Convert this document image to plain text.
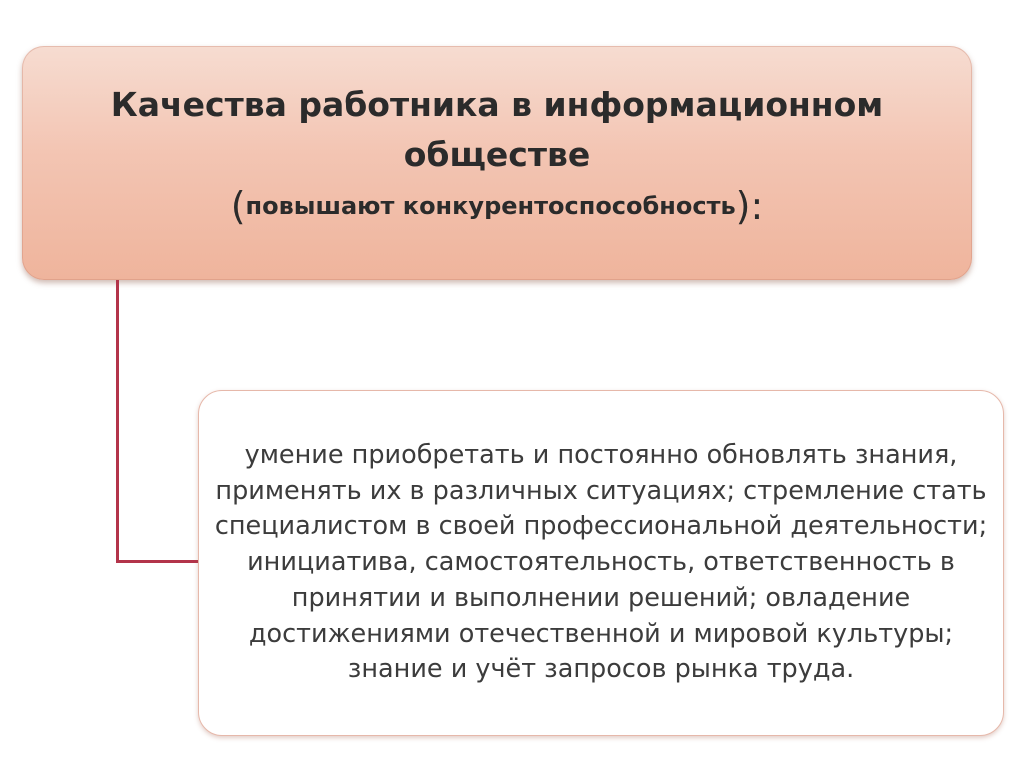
Качества работника в информационном обществе
(повышают конкурентоспособность):
умение приобретать и постоянно обновлять знания, применять их в различных ситуациях; стремление стать специалистом в своей профессиональной деятельности; инициатива, самостоятельность, ответственность в принятии и выполнении решений; овладение достижениями отечественной и мировой культуры; знание и учёт запросов рынка труда.
